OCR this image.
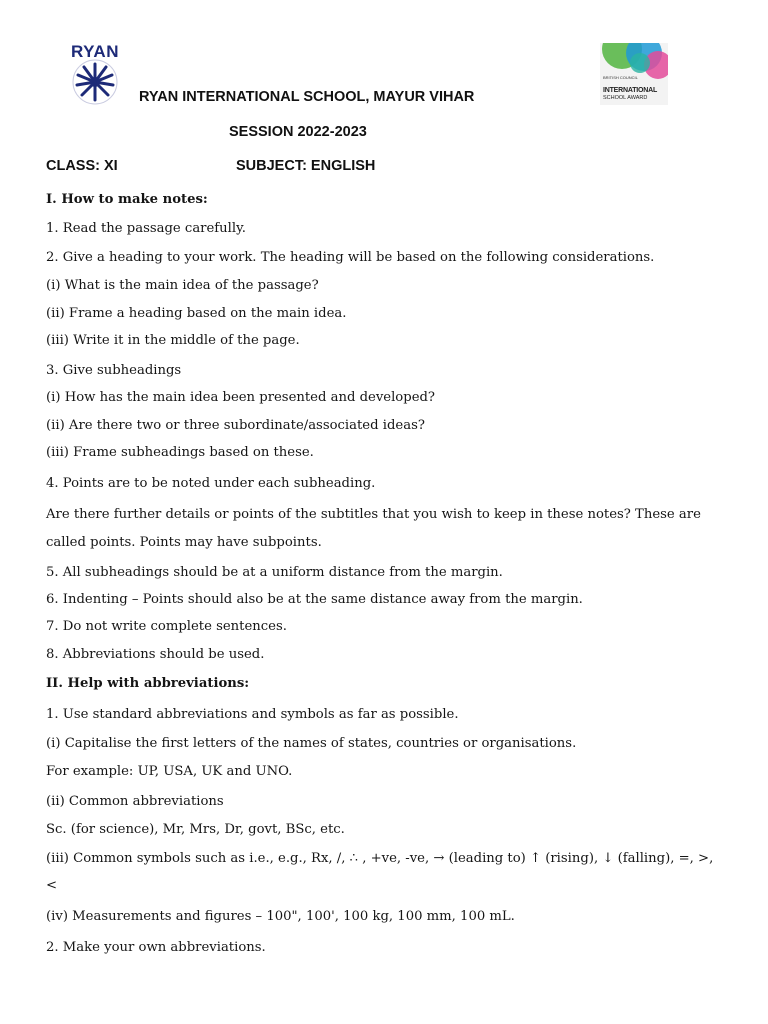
RYAN
BRITISH COUNCIL
INTERNATIONAL
SCHOOL AWARD
RYAN INTERNATIONAL SCHOOL, MAYUR VIHAR
SESSION 2022-2023
CLASS: XI	SUBJECT: ENGLISH
I. How to make notes:
1. Read the passage carefully.
2. Give a heading to your work. The heading will be based on the following considerations.
(i) What is the main idea of the passage?
(ii) Frame a heading based on the main idea.
(iii) Write it in the middle of the page.
3. Give subheadings
(i) How has the main idea been presented and developed?
(ii) Are there two or three subordinate/associated ideas?
(iii) Frame subheadings based on these.
4. Points are to be noted under each subheading.
Are there further details or points of the subtitles that you wish to keep in these notes? These are
called points. Points may have subpoints.
5. All subheadings should be at a uniform distance from the margin.
6. Indenting – Points should also be at the same distance away from the margin.
7. Do not write complete sentences.
8. Abbreviations should be used.
II. Help with abbreviations:
1. Use standard abbreviations and symbols as far as possible.
(i) Capitalise the first letters of the names of states, countries or organisations.
For example: UP, USA, UK and UNO.
(ii) Common abbreviations
Sc. (for science), Mr, Mrs, Dr, govt, BSc, etc.
(iii) Common symbols such as i.e., e.g., Rx, /, ∴ , +ve, -ve, → (leading to) ↑ (rising), ↓ (falling), =, >,
<
(iv) Measurements and figures – 100", 100', 100 kg, 100 mm, 100 mL.
2. Make your own abbreviations.
